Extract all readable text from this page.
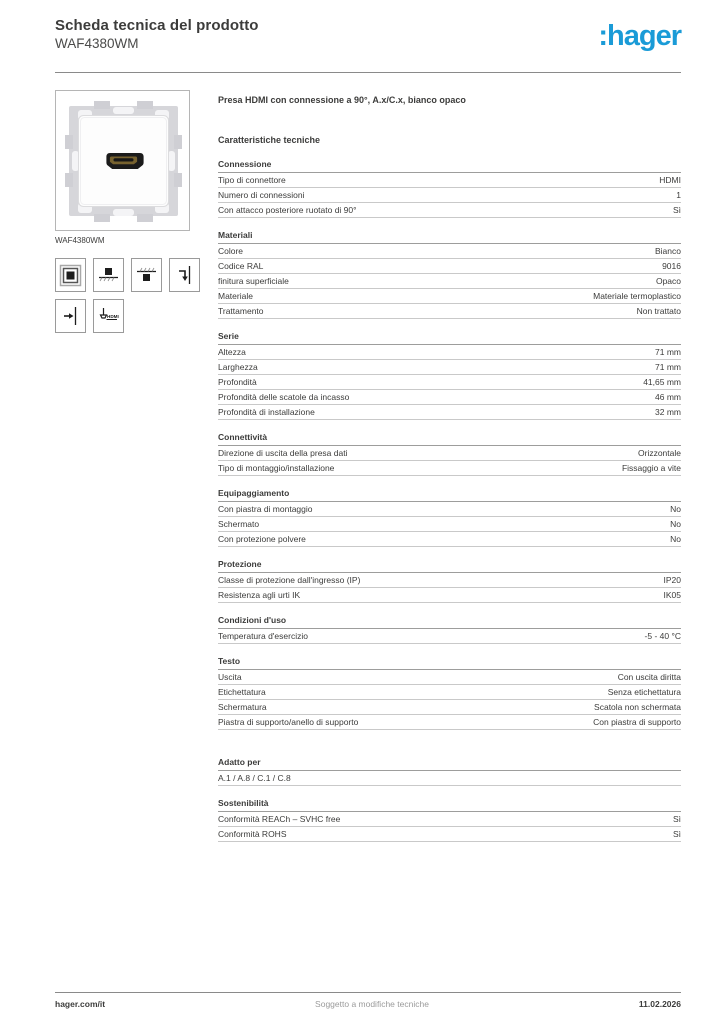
Scheda tecnica del prodotto
WAF4380WM	:hager
WAF4380WM
HDMI
Presa HDMI con connessione a 90°, A.x/C.x, bianco opaco
Caratteristiche tecniche
Connessione
Tipo di connettore	HDMI
Numero di connessioni	1
Con attacco posteriore ruotato di 90°	Sì
Materiali
Colore	Bianco
Codice RAL	9016
finitura superficiale	Opaco
Materiale	Materiale termoplastico
Trattamento	Non trattato
Serie
Altezza	71 mm
Larghezza	71 mm
Profondità	41,65 mm
Profondità delle scatole da incasso	46 mm
Profondità di installazione	32 mm
Connettività
Direzione di uscita della presa dati	Orizzontale
Tipo di montaggio/installazione	Fissaggio a vite
Equipaggiamento
Con piastra di montaggio	No
Schermato	No
Con protezione polvere	No
Protezione
Classe di protezione dall'ingresso (IP)	IP20
Resistenza agli urti IK	IK05
Condizioni d'uso
Temperatura d'esercizio	-5 - 40 °C
Testo
Uscita	Con uscita diritta
Etichettatura	Senza etichettatura
Schermatura	Scatola non schermata
Piastra di supporto/anello di supporto	Con piastra di supporto
Adatto per
A.1 / A.8 / C.1 / C.8
Sostenibilità
Conformità REACh – SVHC free	Sì
Conformità ROHS	Sì
hager.com/it	Soggetto a modifiche tecniche	11.02.2026
